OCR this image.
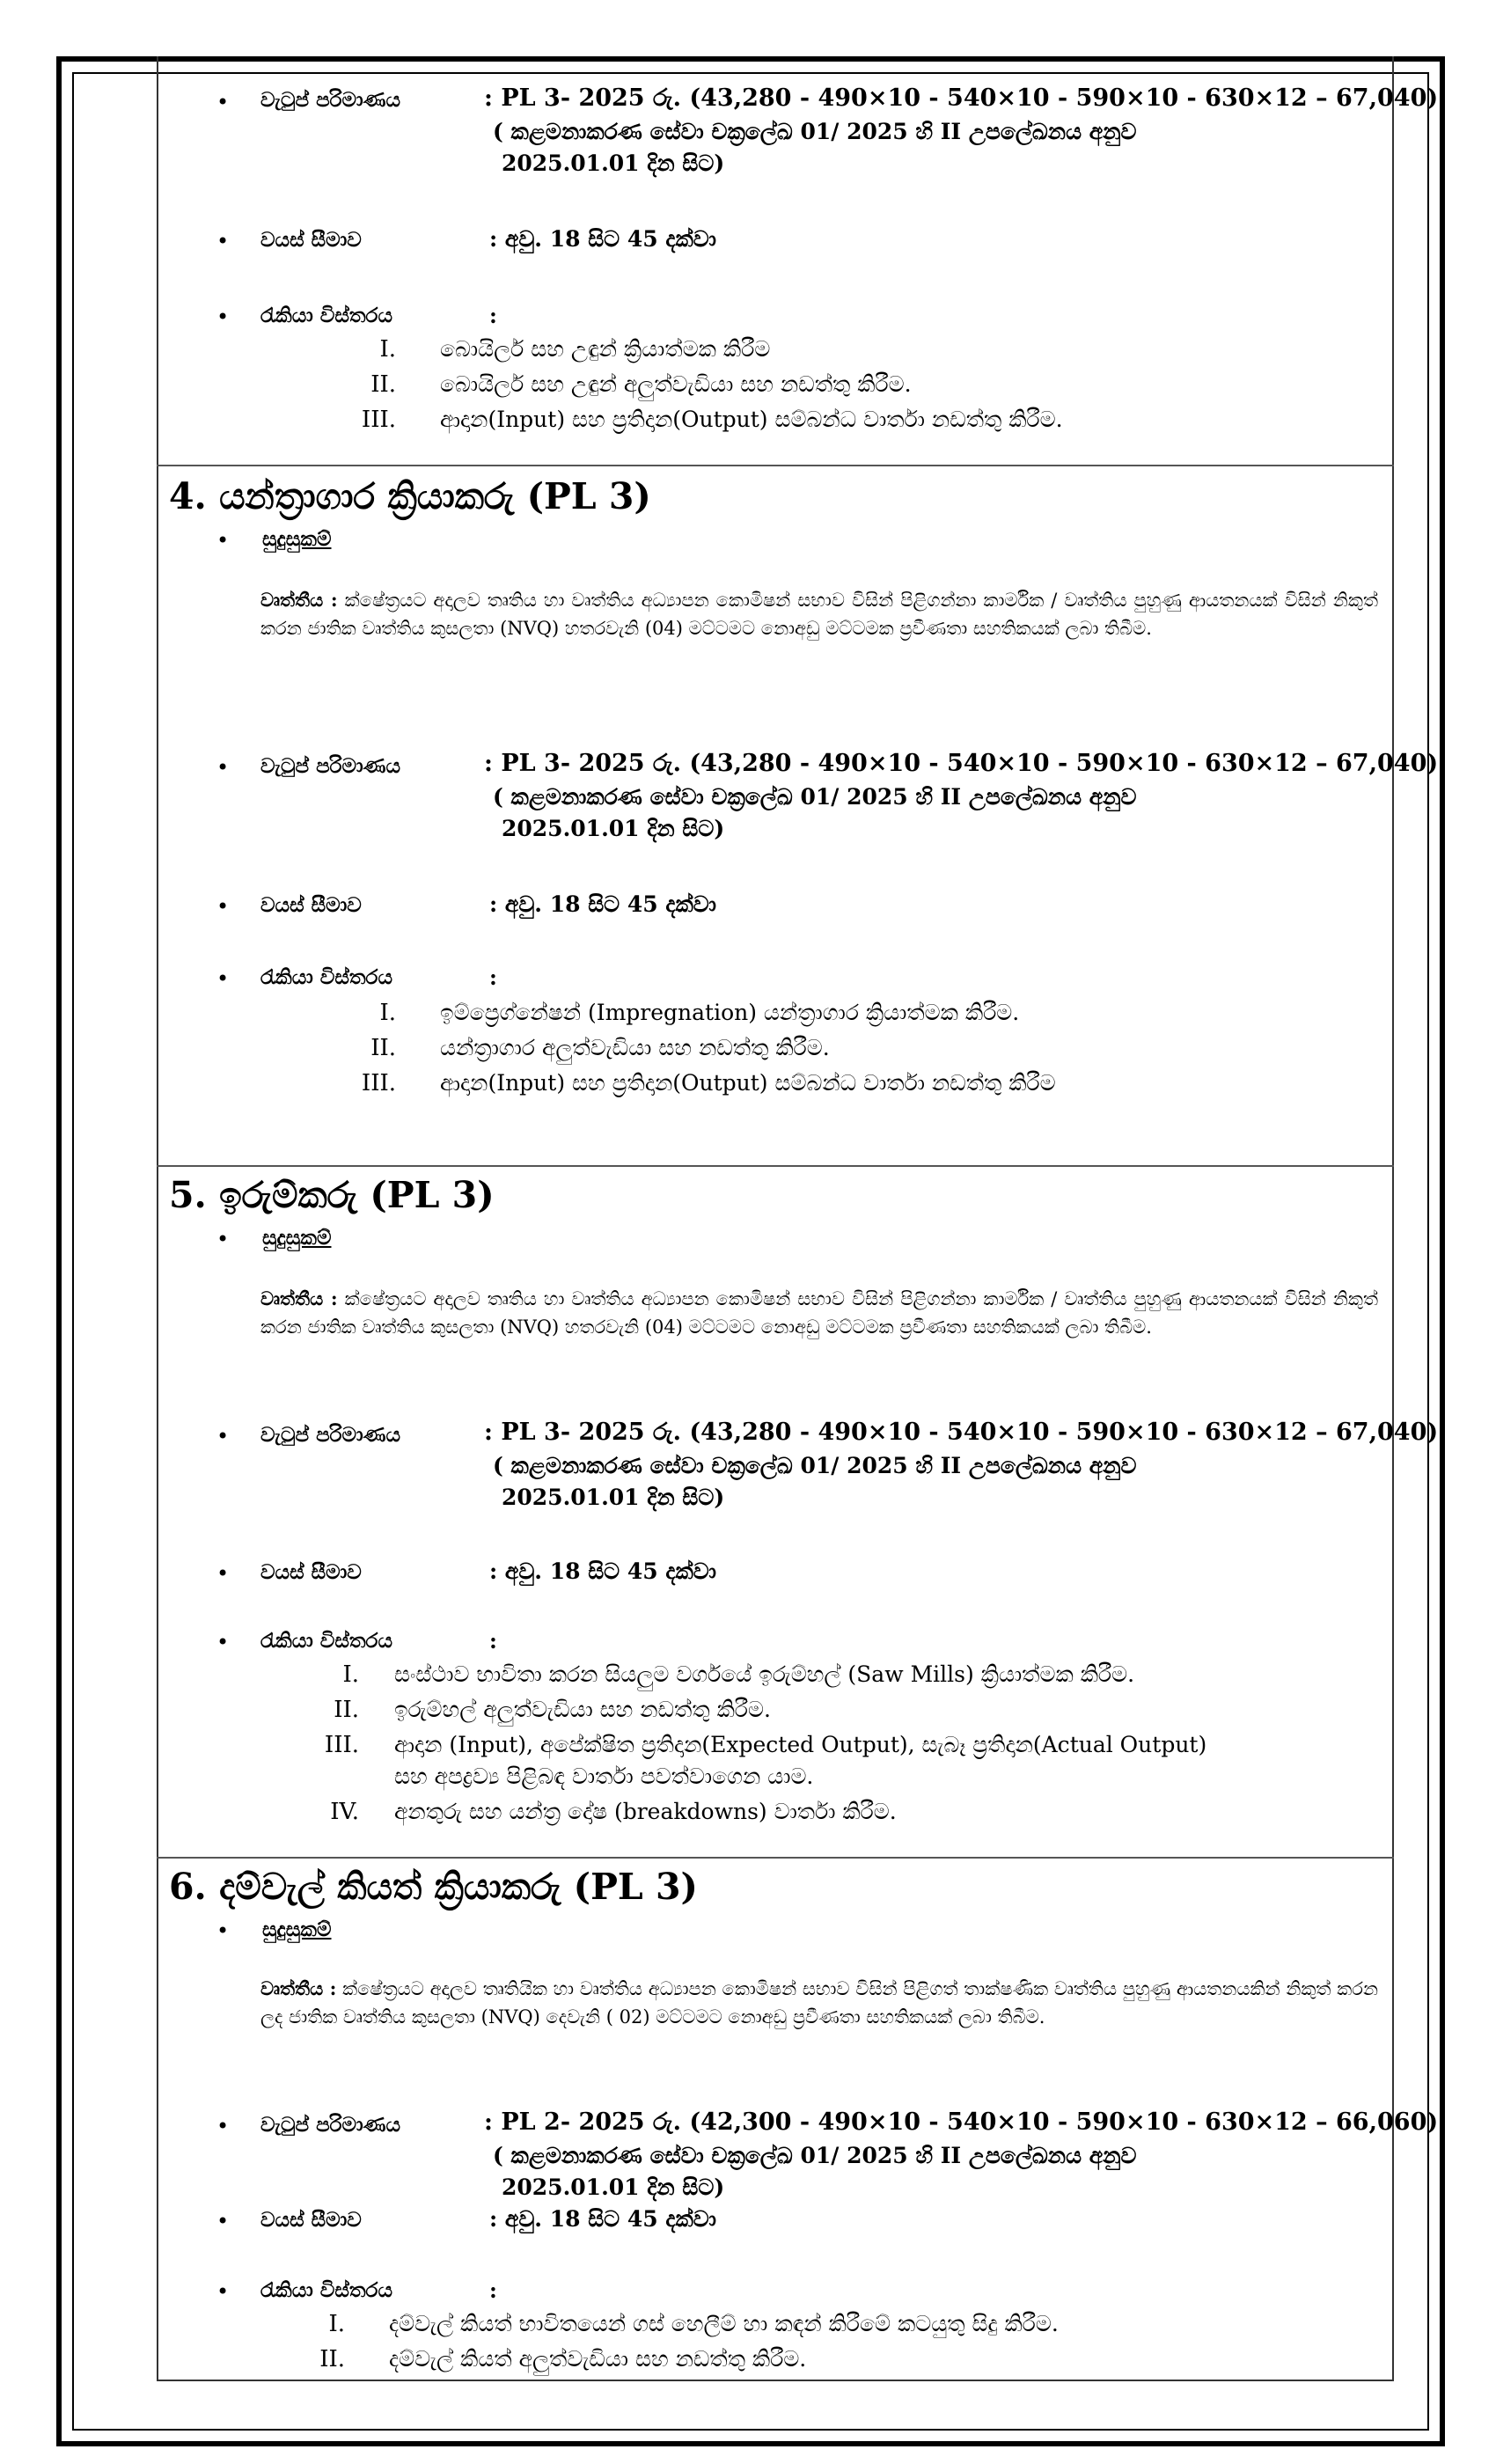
• වැටුප් පරිමාණය	: PL 3- 2025 රු. (43,280 - 490×10 - 540×10 - 590×10 - 630×12 – 67,040)
( කළමනාකරණ සේවා චක්‍රලේඛ 01/ 2025 හි II උපලේඛනය අනුව
2025.01.01 දින සිට)
• වයස් සීමාව	: අවු. 18 සිට 45 දක්වා
• රැකියා විස්තරය	:
I. බොයිලර් සහ උඳුන් ක්‍රියාත්මක කිරීම
II. බොයිලර් සහ උඳුන් අලුත්වැඩියා සහ නඩත්තු කිරීම.
III. ආදාන(Input) සහ ප්‍රතිදාන(Output) සම්බන්ධ වාර්තා නඩත්තු කිරීම.
4. යන්ත්‍රාගාර ක්‍රියාකරු (PL 3)
• සුදුසුකම්
වෘත්තීය : ක්ෂේත්‍රයට අදාලව තෘතිය හා වෘත්තිය අධ්‍යාපන කොමිෂන් සභාව විසින් පිළිගන්නා කාර්මික / වෘත්තිය පුහුණු ආයතනයක් විසින් නිකුත් කරන ජාතික වෘත්තිය කුසලතා (NVQ) හතරවැනි (04) මට්ටමට නොඅඩු මට්ටමක ප්‍රවීණතා සහතිකයක් ලබා තිබීම.
• වැටුප් පරිමාණය	: PL 3- 2025 රු. (43,280 - 490×10 - 540×10 - 590×10 - 630×12 – 67,040)
( කළමනාකරණ සේවා චක්‍රලේඛ 01/ 2025 හි II උපලේඛනය අනුව
2025.01.01 දින සිට)
• වයස් සීමාව	: අවු. 18 සිට 45 දක්වා
• රැකියා විස්තරය	:
I. ඉම්ප්‍රෙග්නේෂන් (Impregnation) යන්ත්‍රාගාර ක්‍රියාත්මක කිරීම.
II. යන්ත්‍රාගාර අලුත්වැඩියා සහ නඩත්තු කිරීම.
III. ආදාන(Input) සහ ප්‍රතිදාන(Output) සම්බන්ධ වාර්තා නඩත්තු කිරීම
5. ඉරුම්කරු (PL 3)
• සුදුසුකම්
වෘත්තීය : ක්ෂේත්‍රයට අදාලව තෘතිය හා වෘත්තිය අධ්‍යාපන කොමිෂන් සභාව විසින් පිළිගන්නා කාර්මික / වෘත්තිය පුහුණු ආයතනයක් විසින් නිකුත් කරන ජාතික වෘත්තිය කුසලතා (NVQ) හතරවැනි (04) මට්ටමට නොඅඩු මට්ටමක ප්‍රවීණතා සහතිකයක් ලබා තිබීම.
• වැටුප් පරිමාණය	: PL 3- 2025 රු. (43,280 - 490×10 - 540×10 - 590×10 - 630×12 – 67,040)
( කළමනාකරණ සේවා චක්‍රලේඛ 01/ 2025 හි II උපලේඛනය අනුව
2025.01.01 දින සිට)
• වයස් සීමාව	: අවු. 18 සිට 45 දක්වා
• රැකියා විස්තරය	:
I. සංස්ථාව භාවිතා කරන සියලුම වර්ගයේ ඉරුම්හල් (Saw Mills) ක්‍රියාත්මක කිරීම.
II. ඉරුම්හල් අලුත්වැඩියා සහ නඩත්තු කිරීම.
III. ආදාන (Input), අපේක්ෂිත ප්‍රතිදාන(Expected Output), සැබෑ ප්‍රතිදාන(Actual Output)
සහ අපද්‍රව්‍ය පිළිබඳ වාර්තා පවත්වාගෙන යාම.
IV. අනතුරු සහ යන්ත්‍ර දෝෂ (breakdowns) වාර්තා කිරීම.
6. දම්වැල් කියත් ක්‍රියාකරු (PL 3)
• සුදුසුකම්
වෘත්තීය : ක්ෂේත්‍රයට අදාලව තෘතියික හා වෘත්තිය අධ්‍යාපන කොමිෂන් සභාව විසින් පිළිගත් තාක්ෂණික වෘත්තිය පුහුණු ආයතනයකින් නිකුත් කරන ලද ජාතික වෘත්තිය කුසලතා (NVQ) දෙවැනි ( 02) මට්ටමට නොඅඩු ප්‍රවීණතා සහතිකයක් ලබා තිබීම.
• වැටුප් පරිමාණය	: PL 2- 2025 රු. (42,300 - 490×10 - 540×10 - 590×10 - 630×12 – 66,060)
( කළමනාකරණ සේවා චක්‍රලේඛ 01/ 2025 හි II උපලේඛනය අනුව
2025.01.01 දින සිට)
• වයස් සීමාව	: අවු. 18 සිට 45 දක්වා
• රැකියා විස්තරය	:
I. දම්වැල් කියත් භාවිතයෙන් ගස් හෙලීම් හා කඳන් කිරීමේ කටයුතු සිදු කිරීම.
II. දම්වැල් කියත් අලුත්වැඩියා සහ නඩත්තු කිරීම.
